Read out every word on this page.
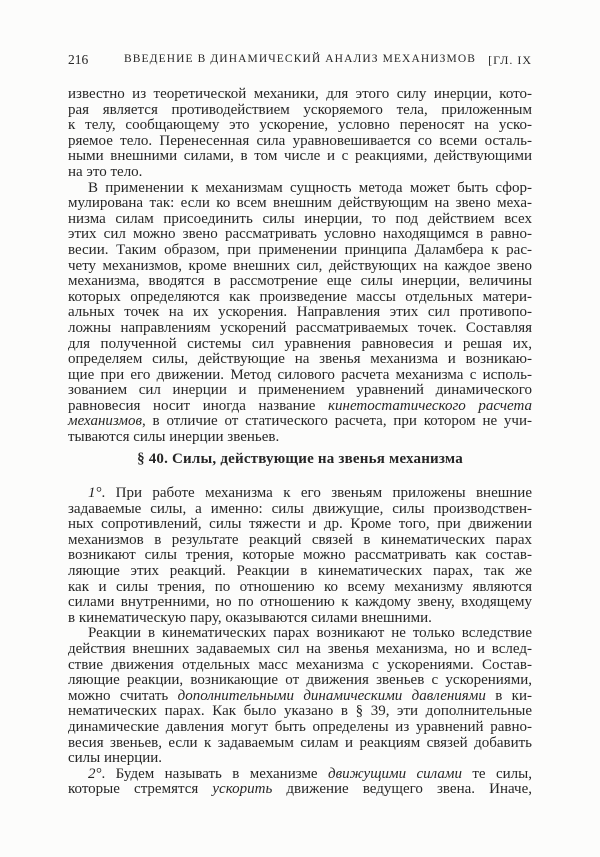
216	ВВЕДЕНИЕ В ДИНАМИЧЕСКИЙ АНАЛИЗ МЕХАНИЗМОВ	[ГЛ. IX
известно из теоретической механики, для этого силу инерции, кото-
рая является противодействием ускоряемого тела, приложенным
к телу, сообщающему это ускорение, условно переносят на уско-
ряемое тело. Перенесенная сила уравновешивается со всеми осталь-
ными внешними силами, в том числе и с реакциями, действующими
на это тело.
В применении к механизмам сущность метода может быть сфор-
мулирована так: если ко всем внешним действующим на звено меха-
низма силам присоединить силы инерции, то под действием всех
этих сил можно звено рассматривать условно находящимся в равно-
весии. Таким образом, при применении принципа Даламбера к рас-
чету механизмов, кроме внешних сил, действующих на каждое звено
механизма, вводятся в рассмотрение еще силы инерции, величины
которых определяются как произведение массы отдельных матери-
альных точек на их ускорения. Направления этих сил противопо-
ложны направлениям ускорений рассматриваемых точек. Составляя
для полученной системы сил уравнения равновесия и решая их,
определяем силы, действующие на звенья механизма и возникаю-
щие при его движении. Метод силового расчета механизма с исполь-
зованием сил инерции и применением уравнений динамического
равновесия носит иногда название кинетостатического расчета
механизмов, в отличие от статического расчета, при котором не учи-
тываются силы инерции звеньев.
§ 40. Силы, действующие на звенья механизма
1°. При работе механизма к его звеньям приложены внешние
задаваемые силы, а именно: силы движущие, силы производствен-
ных сопротивлений, силы тяжести и др. Кроме того, при движении
механизмов в результате реакций связей в кинематических парах
возникают силы трения, которые можно рассматривать как состав-
ляющие этих реакций. Реакции в кинематических парах, так же
как и силы трения, по отношению ко всему механизму являются
силами внутренними, но по отношению к каждому звену, входящему
в кинематическую пару, оказываются силами внешними.
Реакции в кинематических парах возникают не только вследствие
действия внешних задаваемых сил на звенья механизма, но и вслед-
ствие движения отдельных масс механизма с ускорениями. Состав-
ляющие реакции, возникающие от движения звеньев с ускорениями,
можно считать дополнительными динамическими давлениями в ки-
нематических парах. Как было указано в § 39, эти дополнительные
динамические давления могут быть определены из уравнений равно-
весия звеньев, если к задаваемым силам и реакциям связей добавить
силы инерции.
2°. Будем называть в механизме движущими силами те силы,
которые стремятся ускорить движение ведущего звена. Иначе,
